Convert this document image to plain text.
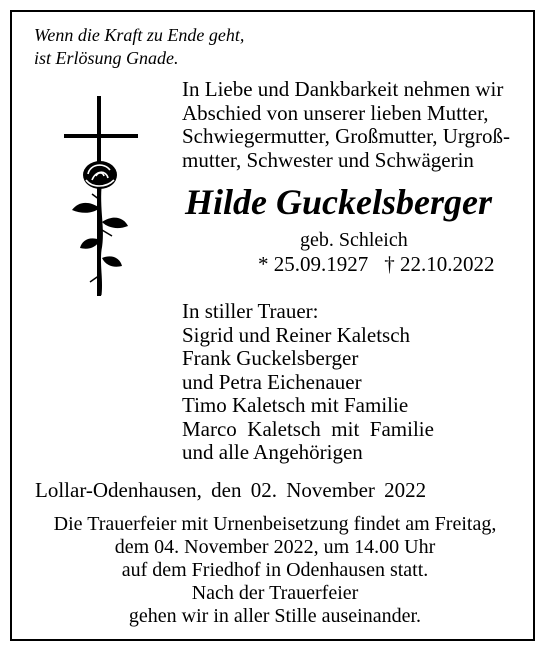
Wenn die Kraft zu Ende geht,
ist Erlösung Gnade.
In Liebe und Dankbarkeit nehmen wir
Abschied von unserer lieben Mutter,
Schwiegermutter, Großmutter, Urgroß-
mutter, Schwester und Schwägerin
Hilde Guckelsberger
geb. Schleich
* 25.09.1927 † 22.10.2022
In stiller Trauer:
Sigrid und Reiner Kaletsch
Frank Guckelsberger
und Petra Eichenauer
Timo Kaletsch mit Familie
Marco  Kaletsch  mit  Familie
und alle Angehörigen
Lollar-Odenhausen, den 02. November 2022
Die Trauerfeier mit Urnenbeisetzung findet am Freitag,
dem 04. November 2022, um 14.00 Uhr
auf dem Friedhof in Odenhausen statt.
Nach der Trauerfeier
gehen wir in aller Stille auseinander.
